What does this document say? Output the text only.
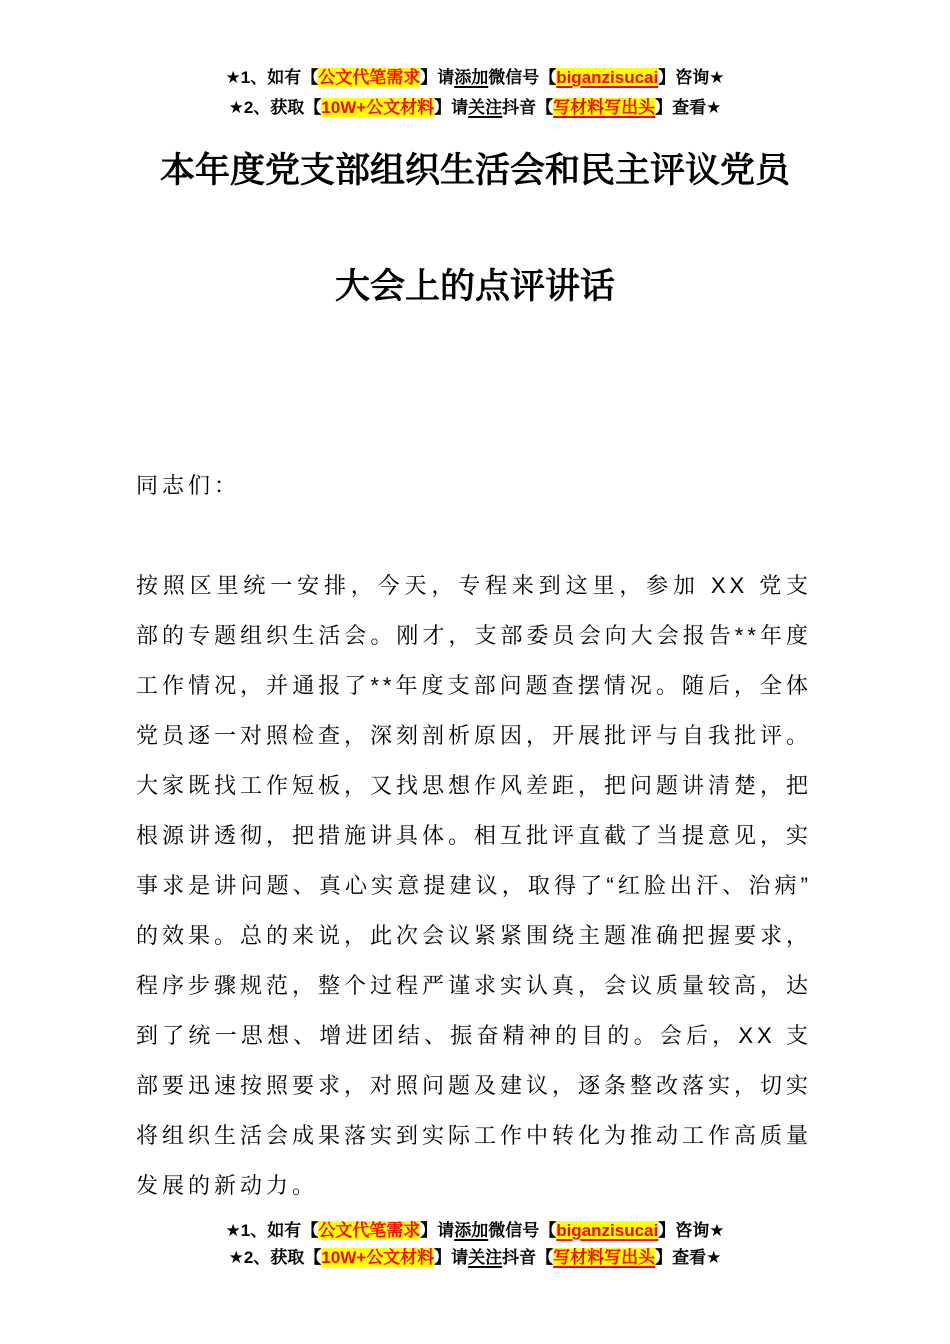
★1、如有【公文代笔需求】请添加微信号【biganzisucai】咨询★
★2、获取【10W+公文材料】请关注抖音【写材料写出头】查看★
本年度党支部组织生活会和民主评议党员
大会上的点评讲话

同志们：

按照区里统一安排，今天，专程来到这里，参加 XX 党支部的专题组织生活会。刚才，支部委员会向大会报告**年度工作情况，并通报了**年度支部问题查摆情况。随后，全体党员逐一对照检查，深刻剖析原因，开展批评与自我批评。大家既找工作短板，又找思想作风差距，把问题讲清楚，把根源讲透彻，把措施讲具体。相互批评直截了当提意见，实事求是讲问题、真心实意提建议，取得了“红脸出汗、治病”的效果。总的来说，此次会议紧紧围绕主题准确把握要求，程序步骤规范，整个过程严谨求实认真，会议质量较高，达到了统一思想、增进团结、振奋精神的目的。会后，XX 支部要迅速按照要求，对照问题及建议，逐条整改落实，切实将组织生活会成果落实到实际工作中转化为推动工作高质量发展的新动力。

★1、如有【公文代笔需求】请添加微信号【biganzisucai】咨询★
★2、获取【10W+公文材料】请关注抖音【写材料写出头】查看★
